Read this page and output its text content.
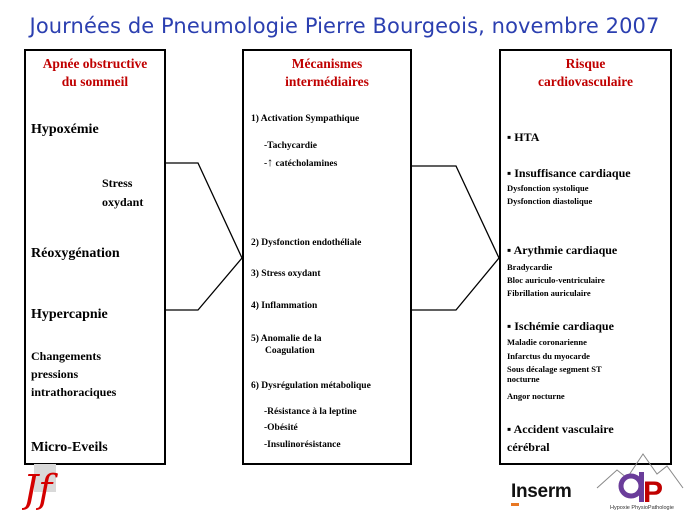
Journées de Pneumologie Pierre Bourgeois, novembre 2007
Apnée obstructive
du sommeil
Hypoxémie
Stress
oxydant
Réoxygénation
Hypercapnie
Changements
pressions
intrathoraciques
Micro-Eveils
Mécanismes
intermédiaires
1) Activation Sympathique
-Tachycardie
-↑ catécholamines
2) Dysfonction endothéliale
3) Stress oxydant
4) Inflammation
5) Anomalie de la
Coagulation
6) Dysrégulation métabolique
-Résistance à la leptine
-Obésité
-Insulinorésistance
Risque
cardiovasculaire
▪ HTA
▪ Insuffisance cardiaque
Dysfonction systolique
Dysfonction diastolique
▪ Arythmie cardiaque
Bradycardie
Bloc auriculo-ventriculaire
Fibrillation auriculaire
▪ Ischémie cardiaque
Maladie coronarienne
Infarctus du myocarde
Sous décalage segment ST
nocturne
Angor nocturne
▪ Accident vasculaire
cérébral
Jf	Inserm P
Hypoxie PhysioPathologie
